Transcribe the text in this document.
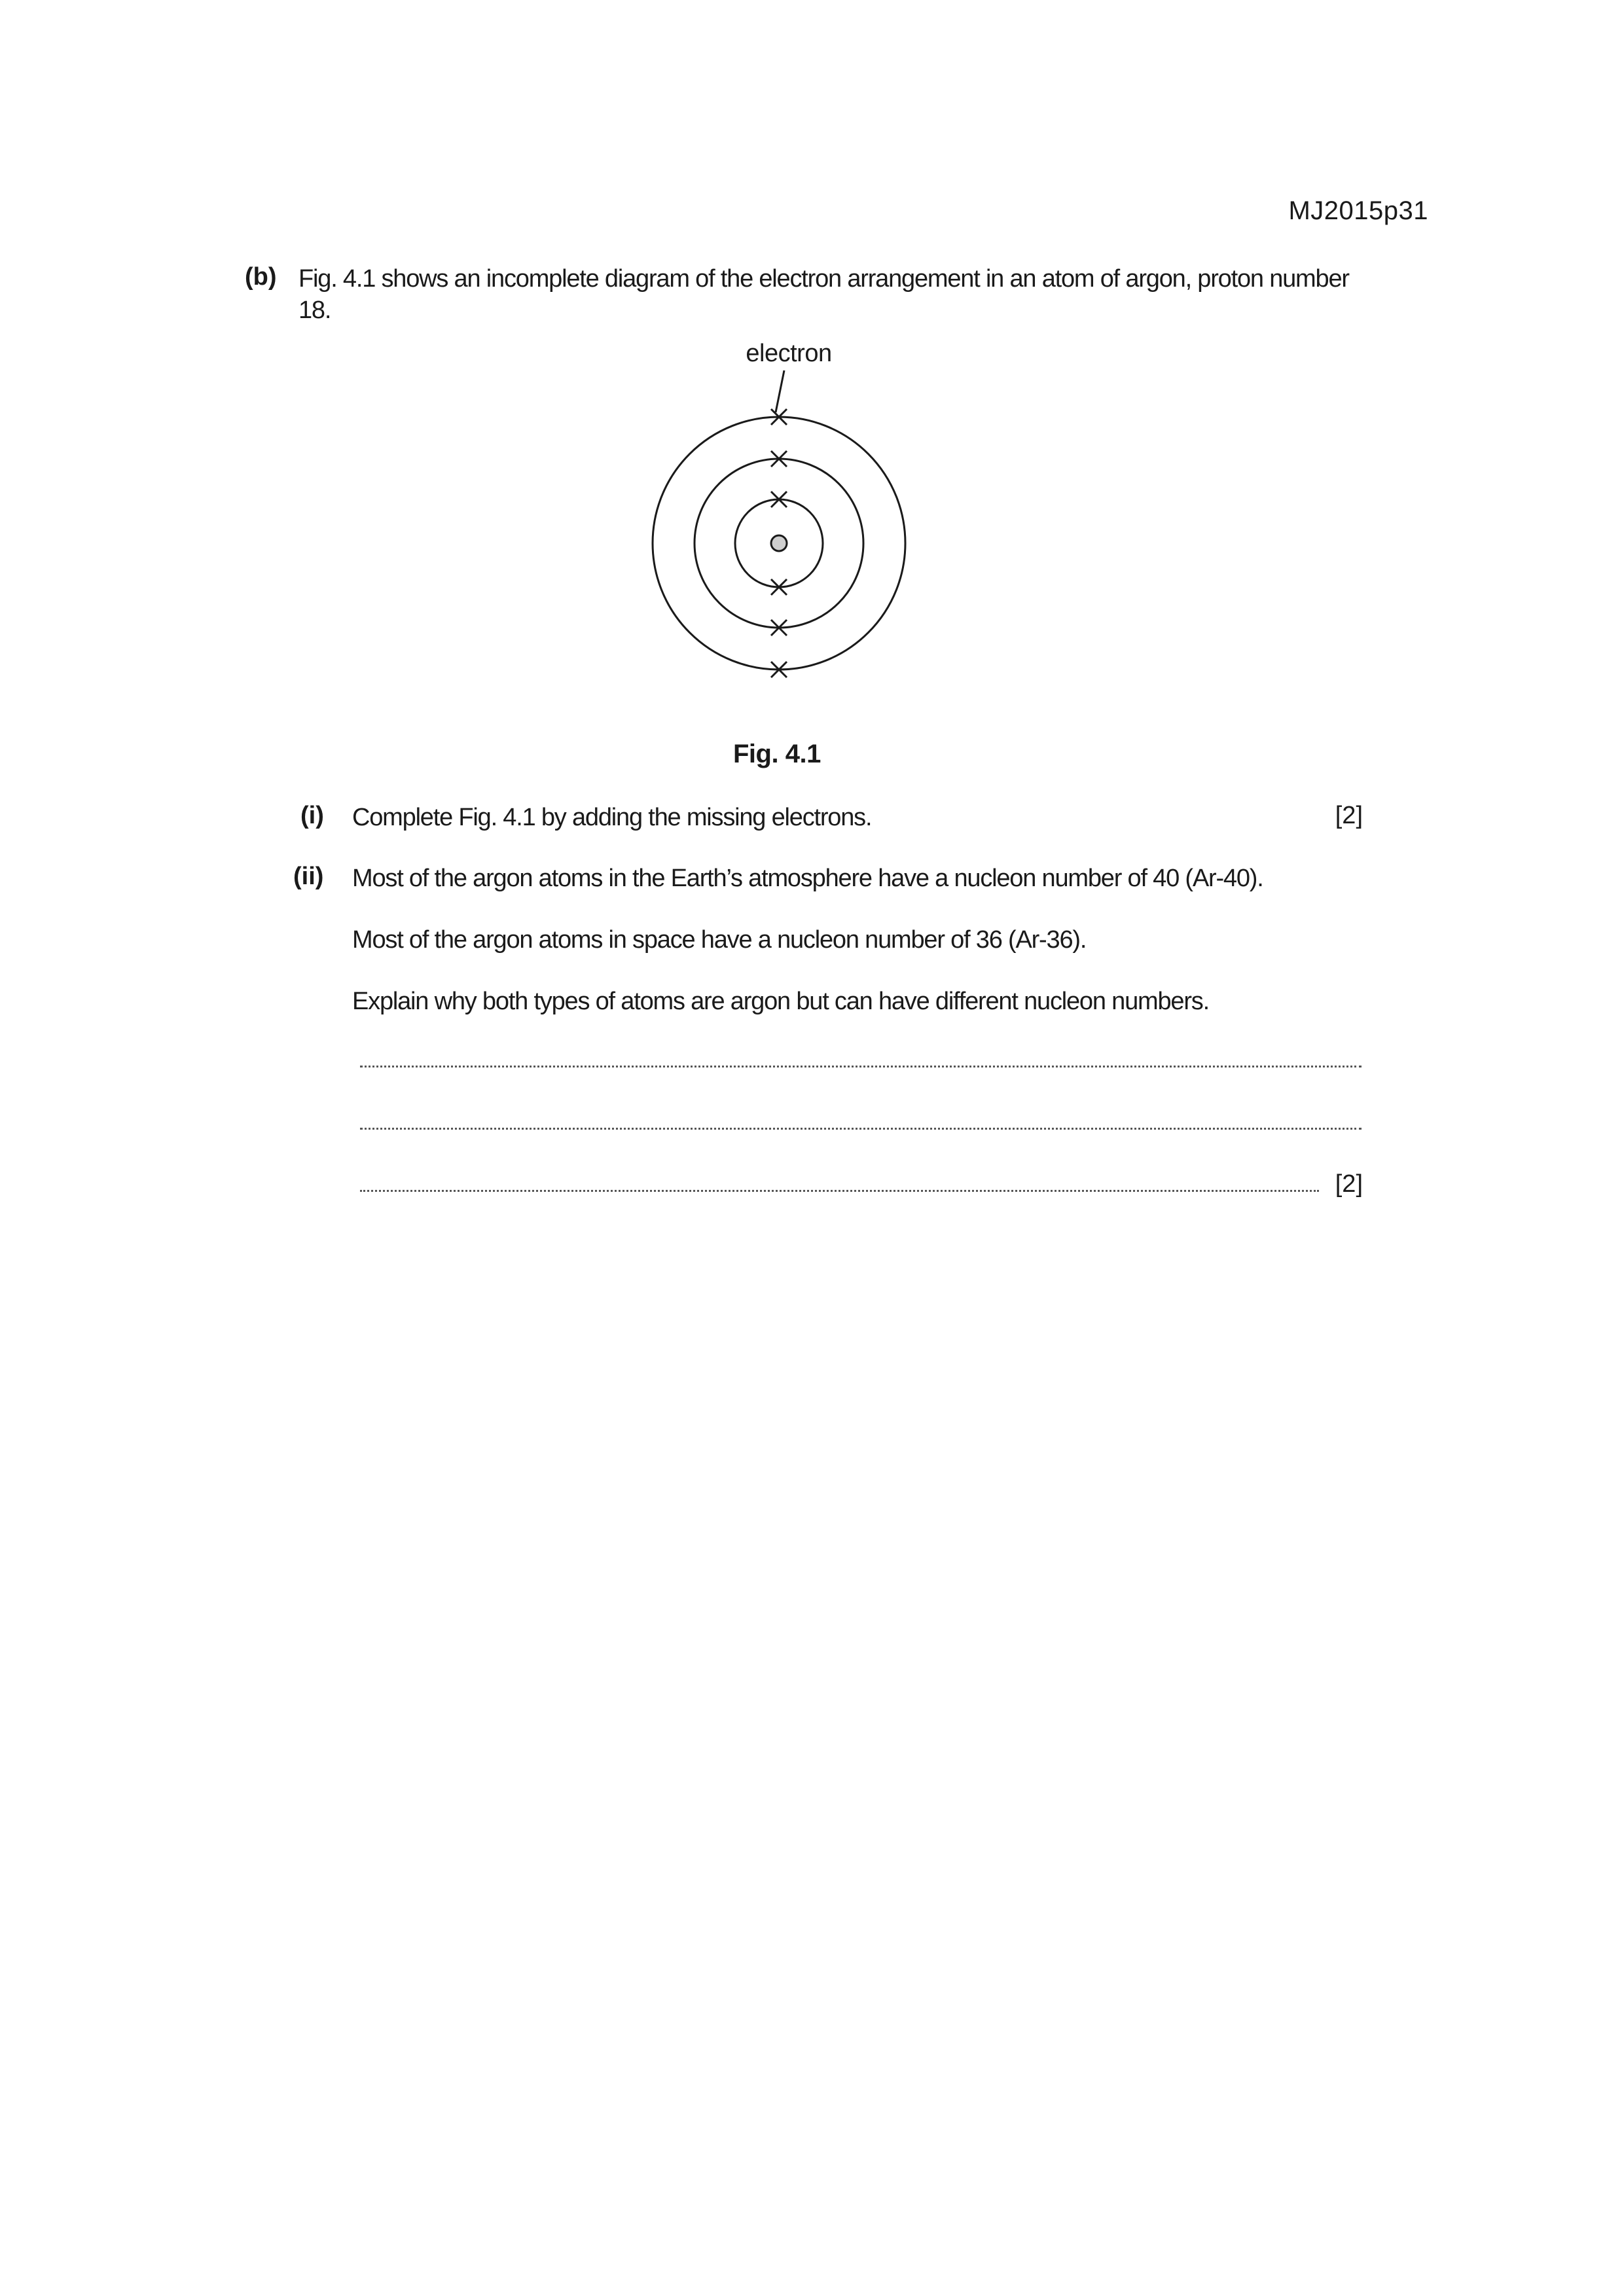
MJ2015p31
(b) Fig. 4.1 shows an incomplete diagram of the electron arrangement in an atom of argon, proton number 18.
electron
Fig. 4.1
(i) Complete Fig. 4.1 by adding the missing electrons.	[2]
(ii) Most of the argon atoms in the Earth’s atmosphere have a nucleon number of 40 (Ar-40).
Most of the argon atoms in space have a nucleon number of 36 (Ar-36).
Explain why both types of atoms are argon but can have different nucleon numbers.
[2]
